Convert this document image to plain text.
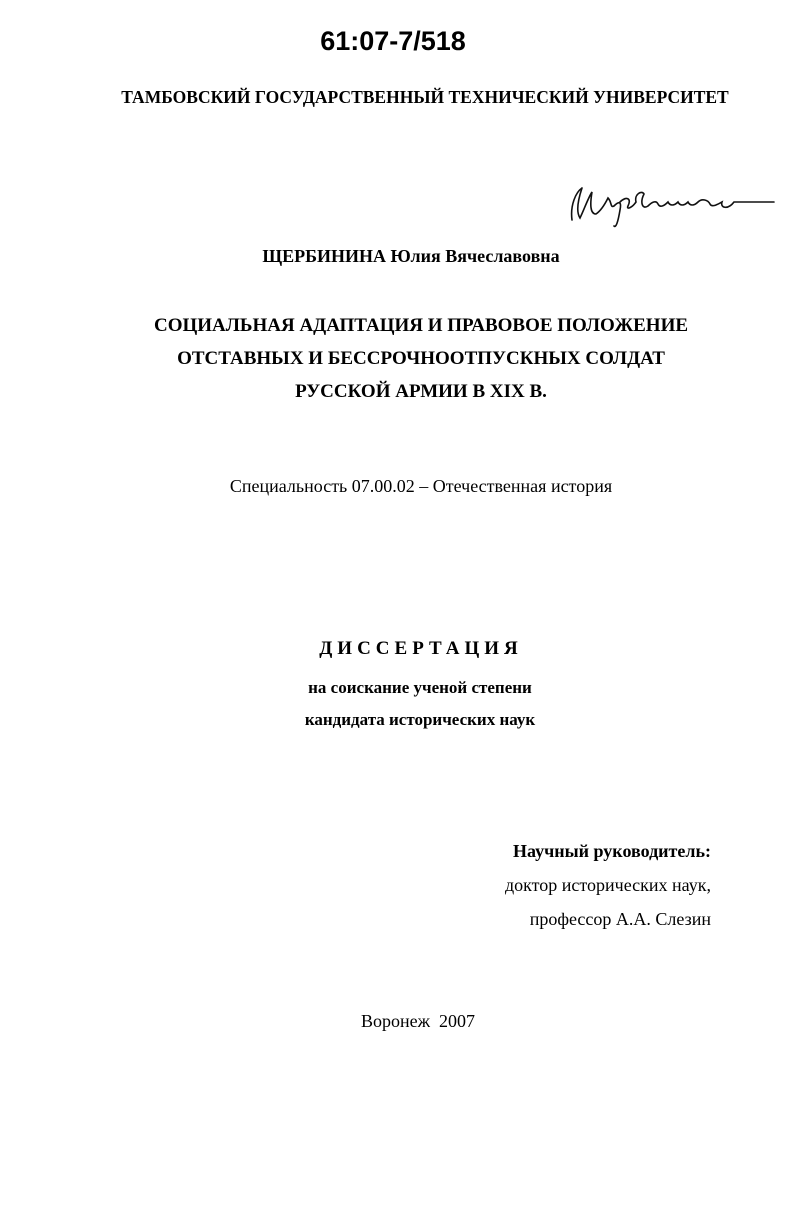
61:07-7/518
ТАМБОВСКИЙ ГОСУДАРСТВЕННЫЙ ТЕХНИЧЕСКИЙ УНИВЕРСИТЕТ
ЩЕРБИНИНА Юлия Вячеславовна
СОЦИАЛЬНАЯ АДАПТАЦИЯ И ПРАВОВОЕ ПОЛОЖЕНИЕ
ОТСТАВНЫХ И БЕССРОЧНООТПУСКНЫХ СОЛДАТ
РУССКОЙ АРМИИ В XIX В.
Специальность 07.00.02 – Отечественная история
ДИССЕРТАЦИЯ
на соискание ученой степени
кандидата исторических наук
Научный руководитель:
доктор исторических наук,
профессор А.А. Слезин
Воронеж  2007
